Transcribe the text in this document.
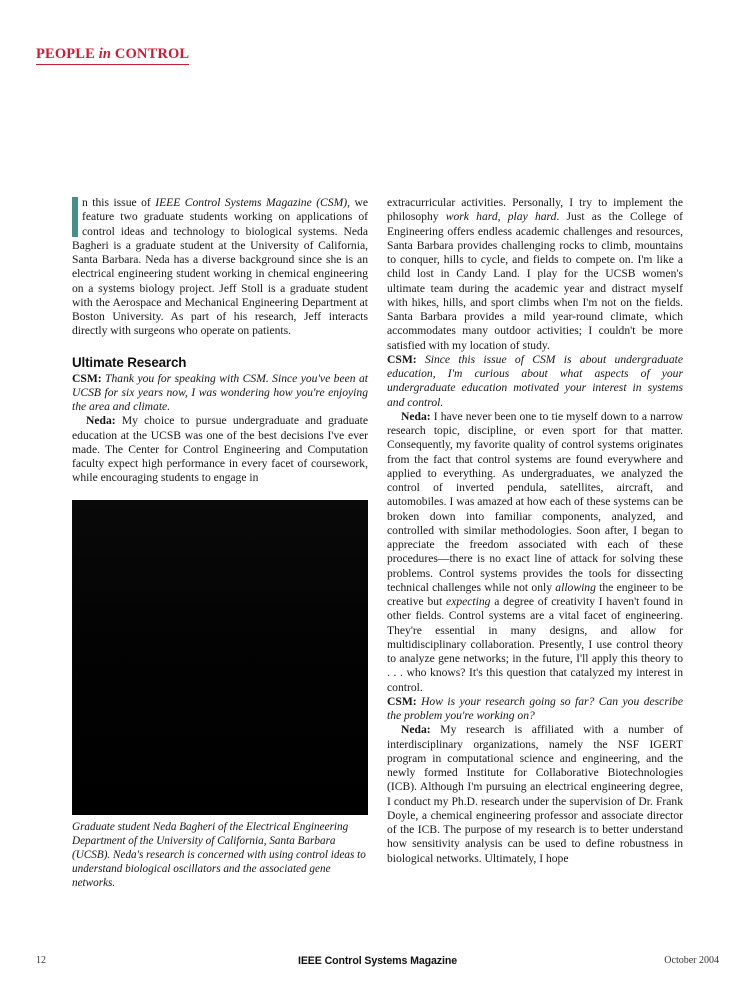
PEOPLE in CONTROL

n this issue of IEEE Control Systems Magazine (CSM), we feature two graduate students working on applications of control ideas and technology to biological systems. Neda Bagheri is a graduate student at the University of California, Santa Barbara. Neda has a diverse background since she is an electrical engineering student working in chemical engineering on a systems biology project. Jeff Stoll is a graduate student with the Aerospace and Mechanical Engineering Department at Boston University. As part of his research, Jeff interacts directly with surgeons who operate on patients.

Ultimate Research

CSM: Thank you for speaking with CSM. Since you've been at UCSB for six years now, I was wondering how you're enjoying the area and climate.

Neda: My choice to pursue undergraduate and graduate education at the UCSB was one of the best decisions I've ever made. The Center for Control Engineering and Computation faculty expect high performance in every facet of coursework, while encouraging students to engage in

Graduate student Neda Bagheri of the Electrical Engineering Department of the University of California, Santa Barbara (UCSB). Neda's research is concerned with using control ideas to understand biological oscillators and the associated gene networks.

extracurricular activities. Personally, I try to implement the philosophy work hard, play hard. Just as the College of Engineering offers endless academic challenges and resources, Santa Barbara provides challenging rocks to climb, mountains to conquer, hills to cycle, and fields to compete on. I'm like a child lost in Candy Land. I play for the UCSB women's ultimate team during the academic year and distract myself with hikes, hills, and sport climbs when I'm not on the fields. Santa Barbara provides a mild year-round climate, which accommodates many outdoor activities; I couldn't be more satisfied with my location of study.

CSM: Since this issue of CSM is about undergraduate education, I'm curious about what aspects of your undergraduate education motivated your interest in systems and control.

Neda: I have never been one to tie myself down to a narrow research topic, discipline, or even sport for that matter. Consequently, my favorite quality of control systems originates from the fact that control systems are found everywhere and applied to everything. As undergraduates, we analyzed the control of inverted pendula, satellites, aircraft, and automobiles. I was amazed at how each of these systems can be broken down into familiar components, analyzed, and controlled with similar methodologies. Soon after, I began to appreciate the freedom associated with each of these procedures—there is no exact line of attack for solving these problems. Control systems provides the tools for dissecting technical challenges while not only allowing the engineer to be creative but expecting a degree of creativity I haven't found in other fields. Control systems are a vital facet of engineering. They're essential in many designs, and allow for multidisciplinary collaboration. Presently, I use control theory to analyze gene networks; in the future, I'll apply this theory to . . . who knows? It's this question that catalyzed my interest in control.

CSM: How is your research going so far? Can you describe the problem you're working on?

Neda: My research is affiliated with a number of interdisciplinary organizations, namely the NSF IGERT program in computational science and engineering, and the newly formed Institute for Collaborative Biotechnologies (ICB). Although I'm pursuing an electrical engineering degree, I conduct my Ph.D. research under the supervision of Dr. Frank Doyle, a chemical engineering professor and associate director of the ICB. The purpose of my research is to better understand how sensitivity analysis can be used to define robustness in biological networks. Ultimately, I hope

12	IEEE Control Systems Magazine	October 2004
